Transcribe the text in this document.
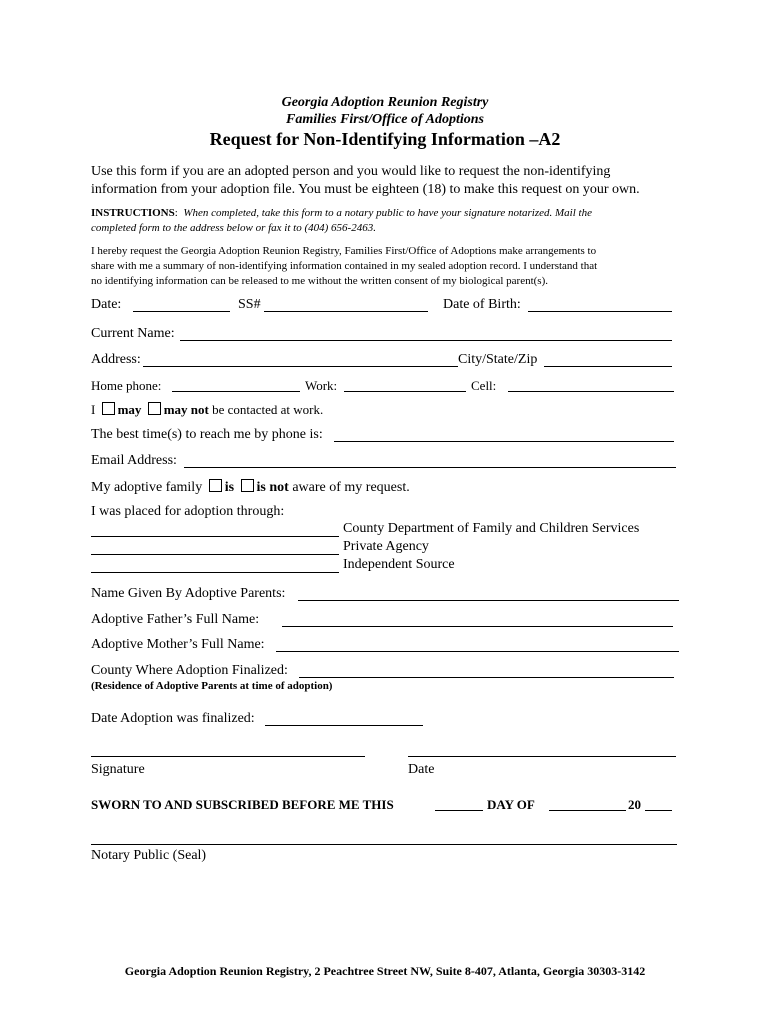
Georgia Adoption Reunion Registry
Families First/Office of Adoptions
Request for Non-Identifying Information –A2
Use this form if you are an adopted person and you would like to request the non-identifying
information from your adoption file. You must be eighteen (18) to make this request on your own.
INSTRUCTIONS: When completed, take this form to a notary public to have your signature notarized. Mail the
completed form to the address below or fax it to (404) 656-2463.
I hereby request the Georgia Adoption Reunion Registry, Families First/Office of Adoptions make arrangements to
share with me a summary of non-identifying information contained in my sealed adoption record. I understand that
no identifying information can be released to me without the written consent of my biological parent(s).
Date:	SS#	Date of Birth:
Current Name:
Address:	City/State/Zip
Home phone:	Work:	Cell:
I may may not be contacted at work.
The best time(s) to reach me by phone is:
Email Address:
My adoptive family is is not aware of my request.
I was placed for adoption through:
County Department of Family and Children Services
Private Agency
Independent Source
Name Given By Adoptive Parents:
Adoptive Father’s Full Name:
Adoptive Mother’s Full Name:
County Where Adoption Finalized:
(Residence of Adoptive Parents at time of adoption)
Date Adoption was finalized:
Signature	Date
SWORN TO AND SUBSCRIBED BEFORE ME THIS	DAY OF	20
Notary Public (Seal)
Georgia Adoption Reunion Registry, 2 Peachtree Street NW, Suite 8-407, Atlanta, Georgia 30303-3142
